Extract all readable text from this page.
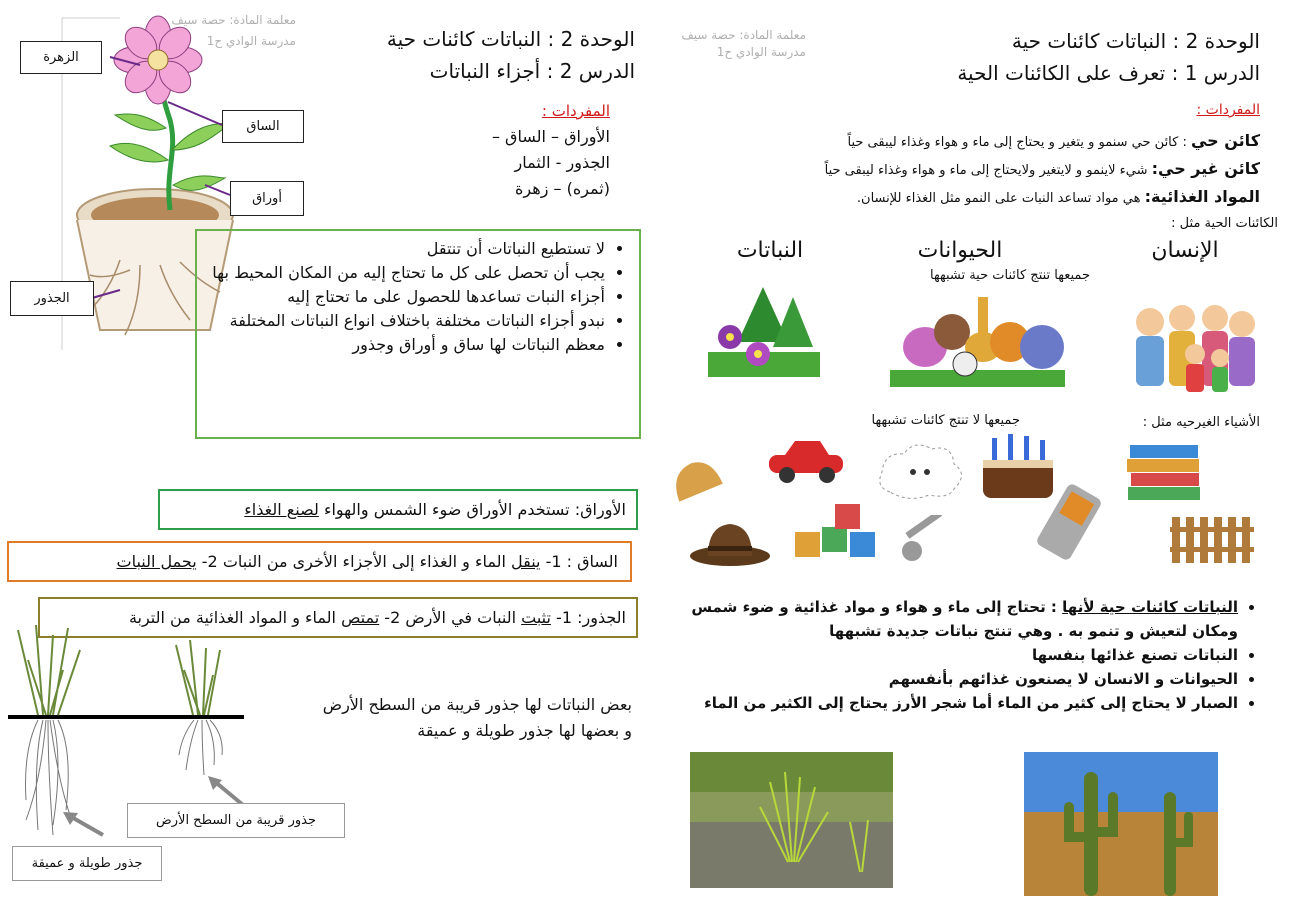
معلمة المادة: حصة سيف
مدرسة الوادي ح1	الوحدة 2 : النباتات كائنات حية
الدرس 2 : أجزاء النباتات
المفردات :
الأوراق – الساق –
الجذور - الثمار
(ثمره) – زهرة
الزهرة
الساق
أوراق
الجذور
• لا تستطيع النباتات أن تنتقل
• يجب أن تحصل على كل ما تحتاج إليه من المكان المحيط بها
• أجزاء النبات تساعدها للحصول على ما تحتاج إليه
• نبدو أجزاء النباتات مختلفة باختلاف انواع النباتات المختلفة
• معظم النباتات لها ساق و أوراق وجذور
الأوراق: تستخدم الأوراق ضوء الشمس والهواء لصنع الغذاء
الساق : 1- ينقل الماء و الغذاء إلى الأجزاء الأخرى من النبات 2- يحمل النبات
الجذور: 1- تثبت النبات في الأرض 2- تمتص الماء و المواد الغذائية من التربة
بعض النباتات لها جذور قريبة من السطح الأرض
و بعضها لها جذور طويلة و عميقة
جذور قريبة من السطح الأرض
جذور طويلة و عميقة
معلمة المادة: حصة سيف
مدرسة الوادي ح1	الوحدة 2 : النباتات كائنات حية
الدرس 1 : تعرف على الكائنات الحية
المفردات :
كائن حي : كائن حي سنمو و يتغير و يحتاج إلى ماء و هواء وغذاء ليبقى حياً
كائن غير حي: شيء لاينمو و لايتغير ولايحتاج إلى ماء و هواء وغذاء ليبقى حياً
المواد الغذائية: هي مواد تساعد النبات على النمو مثل الغذاء للإنسان.
الكائنات الحية مثل :
الإنسان
الحيوانات
النباتات
جميعها تنتج كائنات حية تشبهها
الأشياء الغيرحيه مثل :
جميعها لا تنتج كائنات تشبهها
• النباتات كائنات حية لأنها : تحتاج إلى ماء و هواء و مواد غذائية و ضوء شمس ومكان لتعيش و تنمو به . وهي تنتج نباتات جديدة تشبهها
• النباتات تصنع غذائها بنفسها
• الحيوانات و الانسان لا يصنعون غذائهم بأنفسهم
• الصبار لا يحتاج إلى كثير من الماء أما شجر الأرز يحتاج إلى الكثير من الماء
